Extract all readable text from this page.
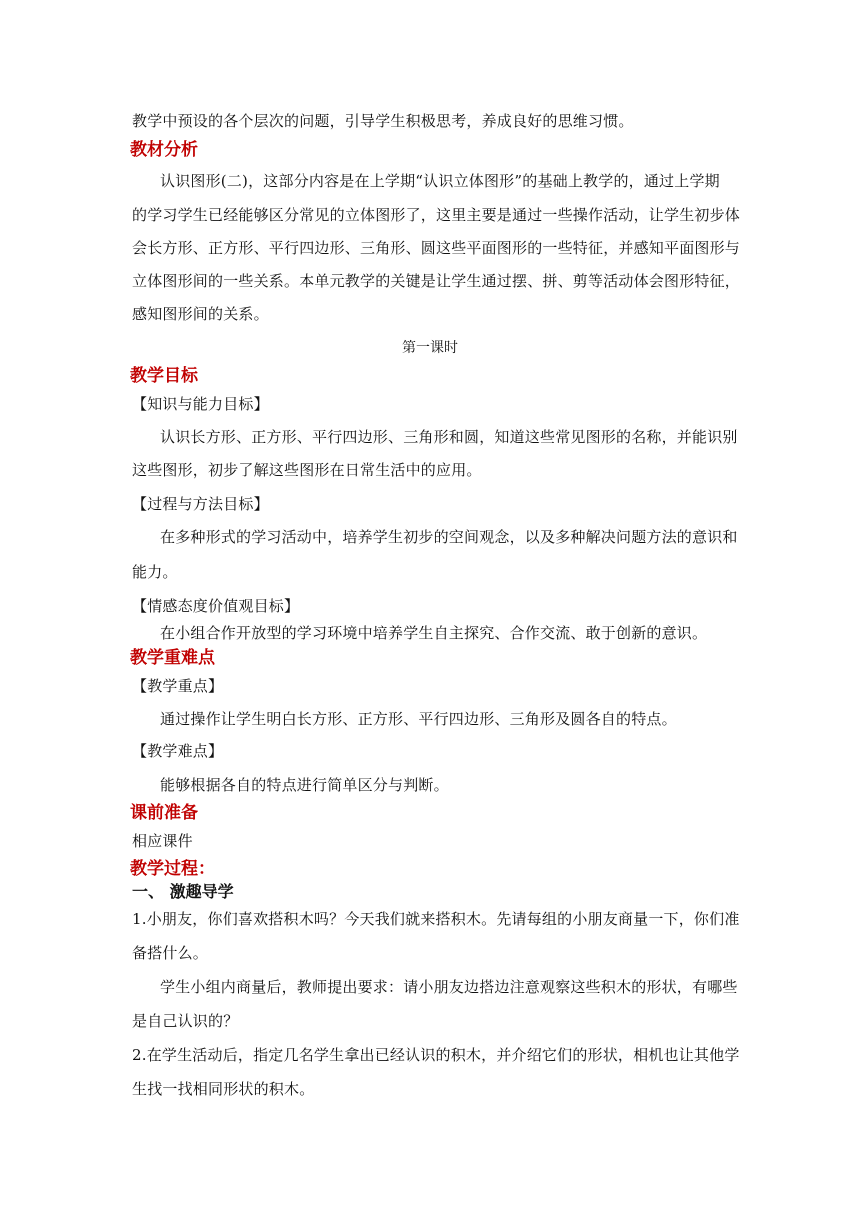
教学中预设的各个层次的问题，引导学生积极思考，养成良好的思维习惯。
教材分析
认识图形(二)，这部分内容是在上学期“认识立体图形”的基础上教学的，通过上学期
的学习学生已经能够区分常见的立体图形了，这里主要是通过一些操作活动，让学生初步体
会长方形、正方形、平行四边形、三角形、圆这些平面图形的一些特征，并感知平面图形与
立体图形间的一些关系。本单元教学的关键是让学生通过摆、拼、剪等活动体会图形特征，
感知图形间的关系。
第一课时
教学目标
【知识与能力目标】
认识长方形、正方形、平行四边形、三角形和圆，知道这些常见图形的名称，并能识别
这些图形，初步了解这些图形在日常生活中的应用。
【过程与方法目标】
在多种形式的学习活动中，培养学生初步的空间观念，以及多种解决问题方法的意识和
能力。
【情感态度价值观目标】
在小组合作开放型的学习环境中培养学生自主探究、合作交流、敢于创新的意识。
教学重难点
【教学重点】
通过操作让学生明白长方形、正方形、平行四边形、三角形及圆各自的特点。
【教学难点】
能够根据各自的特点进行简单区分与判断。
课前准备
相应课件
教学过程：
一、 激趣导学
1.小朋友，你们喜欢搭积木吗？今天我们就来搭积木。先请每组的小朋友商量一下，你们准
备搭什么。
学生小组内商量后，教师提出要求：请小朋友边搭边注意观察这些积木的形状，有哪些
是自己认识的？
2.在学生活动后，指定几名学生拿出已经认识的积木，并介绍它们的形状，相机也让其他学
生找一找相同形状的积木。
